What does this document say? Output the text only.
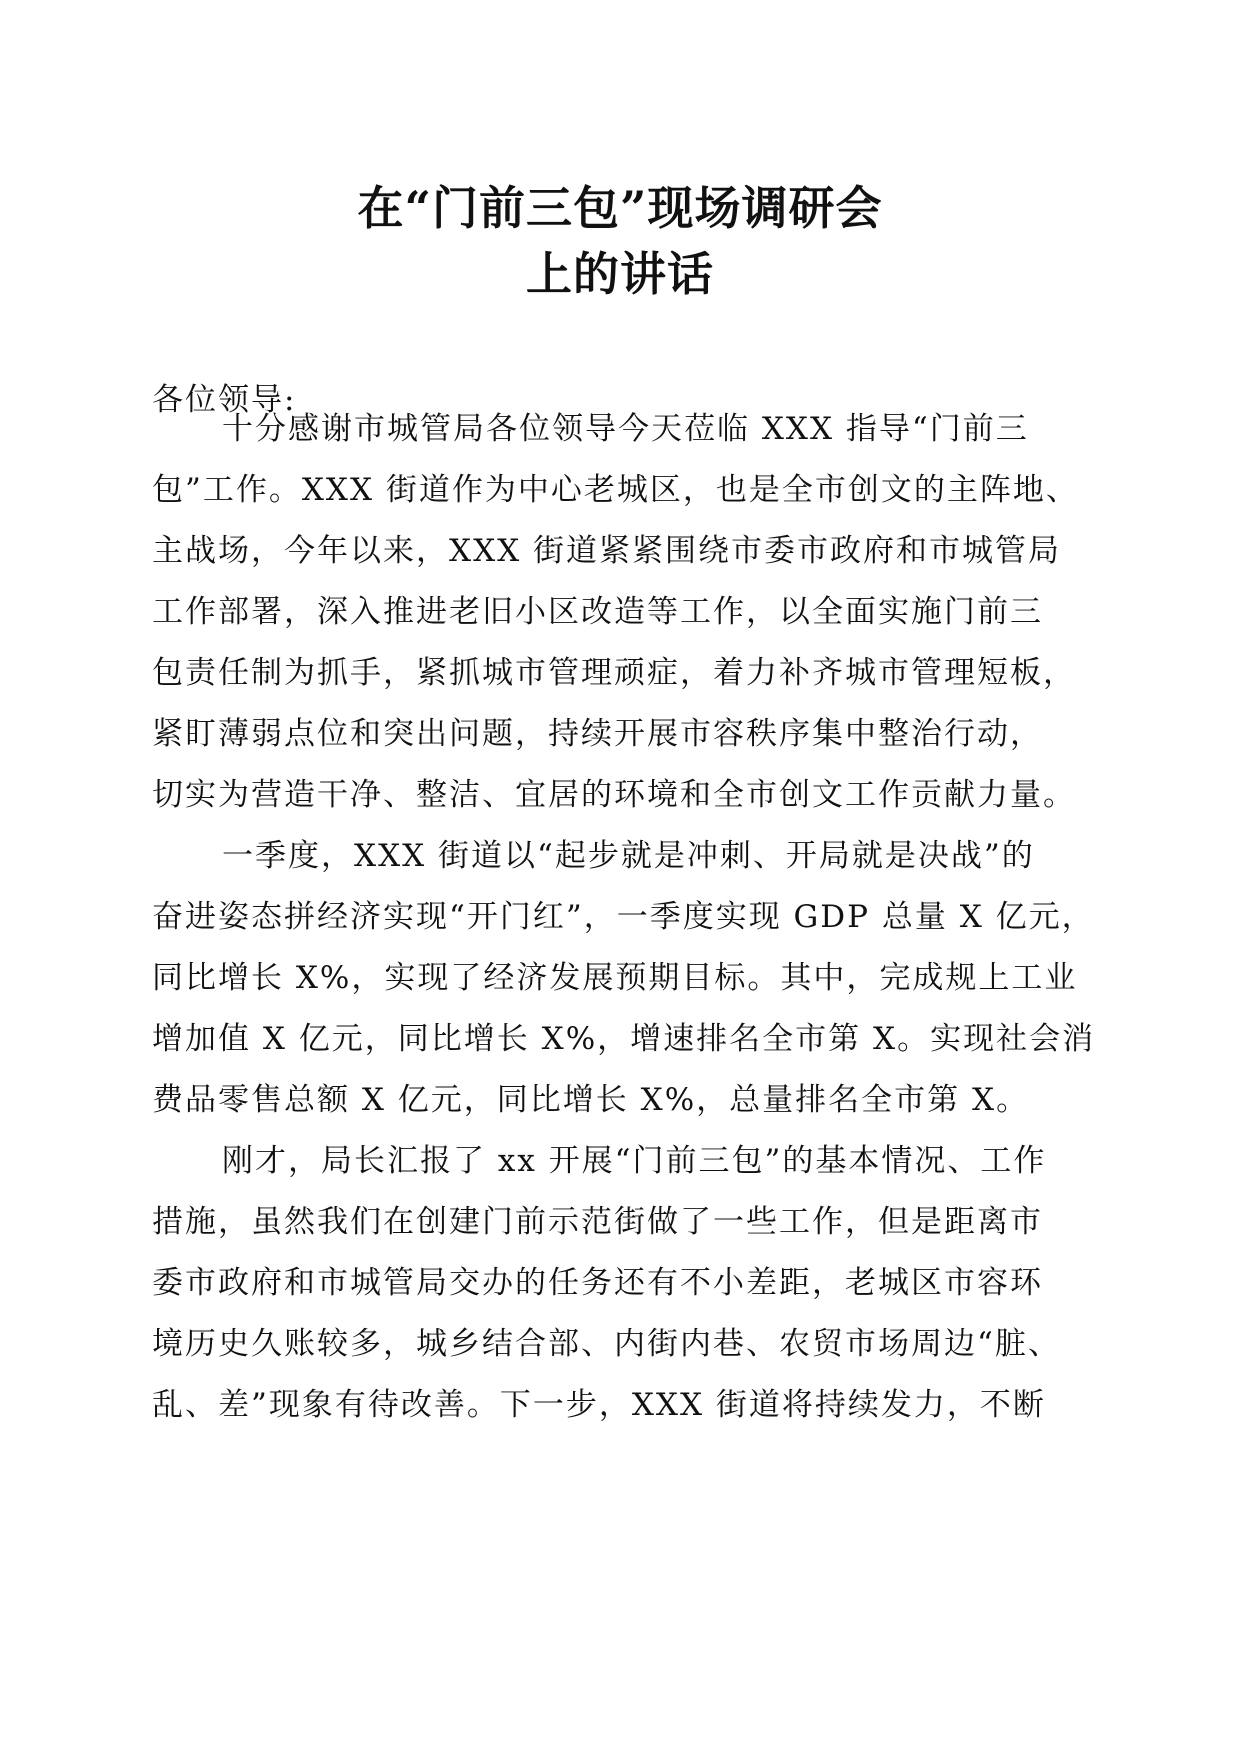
在“门前三包”现场调研会
上的讲话
各位领导:
十分感谢市城管局各位领导今天莅临 XXX 指导“门前三
包”工作。XXX 街道作为中心老城区，也是全市创文的主阵地、
主战场，今年以来，XXX 街道紧紧围绕市委市政府和市城管局
工作部署，深入推进老旧小区改造等工作，以全面实施门前三
包责任制为抓手，紧抓城市管理顽症，着力补齐城市管理短板，
紧盯薄弱点位和突出问题，持续开展市容秩序集中整治行动，
切实为营造干净、整洁、宜居的环境和全市创文工作贡献力量。
一季度，XXX 街道以“起步就是冲刺、开局就是决战”的
奋进姿态拼经济实现“开门红”，一季度实现 GDP 总量 X 亿元，
同比增长 X%，实现了经济发展预期目标。其中，完成规上工业
增加值 X 亿元，同比增长 X%，增速排名全市第 X。实现社会消
费品零售总额 X 亿元，同比增长 X%，总量排名全市第 X。
刚才，局长汇报了 xx 开展“门前三包”的基本情况、工作
措施，虽然我们在创建门前示范街做了一些工作，但是距离市
委市政府和市城管局交办的任务还有不小差距，老城区市容环
境历史久账较多，城乡结合部、内街内巷、农贸市场周边“脏、
乱、差”现象有待改善。下一步，XXX 街道将持续发力，不断
